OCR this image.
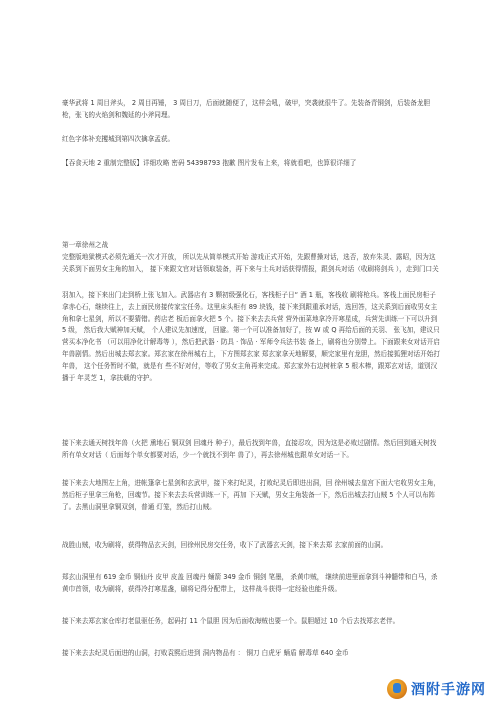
豪华武将 1 周目斧头， 2 周目再锤， 3 周目刀，后面就随便了，这样会吼，破甲，突袭就很牛了。先装备青铜剑，后装备龙胆枪，张飞的火焰剑和魏延的小斧同理。

红色字体补充攫城到第四次擒拿孟获。

【吞食天地 2 重制完整版】详细攻略 密码 54398793 抱歉 图片发布上来，将就看吧，也算很详细了

第一章徐州之战

完整版地狱模式必须先通关一次才开放， 所以先从简单模式开始 游戏正式开始，先跟曹操对话，选否，放弃朱灵、露昭，因为这关系到下面男女主角的加入， 接下来跟文官对话领取装备，再下来与士兵对话获得情报，跟剑兵对话（收刷将剑兵 ），走到门口关

羽加入，接下来出门走到桥上张飞加入。武器店有 3 颗初级强化石，客栈柜子日“ 酒 1 瓶，客栈收 刷将枪兵。客栈上面民房柜子拿赤心石，继续往上，去上面民房接传家宝任务。这里床头柜有 89 块钱，接下来到跟重承对话，选回答，这关系到后面收男女主角和拿七星剑，所以不要猜错。药店老 板后面拿火把 5 个。接下来去去兵营 营外面菜地拿冷开寒星成，兵营先训练一下可以升到 5 级， 然后我大赋神加天赋， 个人建议先加速度， 回避。第一个可以准备加好了，按 W 或 Q 再给后面的关羽、 张飞加，建议只营买本净化书 （可以用净化计解毒等 ），然后把武器 · 防具 · 饰品 · 军师令兵法书装 备上，刷将也分别带上。下面跟来女对话开启年兽剧情。然后出城去郑玄家。郑玄家在徐州城右上，下方图郑玄家 郑玄家拿天地解要，顺完家里有龙胆，然后接狐狸对话开始打年兽， 这个任务暂时不做，就是有 些不好对付，等收了男女主角再来完成。郑玄家外右边树桩拿 5 根木棒，跟郑玄对话，道别汉播于 年灵芝 1，拿扶载的守护。

接下来去通天树找年兽（火把 熏地石 铜双剑 回魂丹 种子），最后找到年兽，直接忍攻，因为这是必败过剧情。然后回到通天树找所有单女对话（ 后面每个单女都要对话，少一个就找不到年 兽了），再去徐州城也跟单女对话一下。

接下来去大地图左上角，进帐篷拿七星剑和玄武甲，接下来打纪灵，打败纪灵后即进出洞，回 徐州城去皇宫下面大宅收男女主角，然后柜子里拿三角枪，回魂节。接下来去去兵营训练一下，再加 下天赋，男女主角装备一下，然后出城去打山贼 5 个人可以布阵了。去黑山洞里拿铜双剑，普通 灯笼，然后打山贼。

战胜山贼，收为刷将，获得物品玄天剑，回徐州民房交任务，收下了武器玄天剑，接下来去郑 玄家前面的山洞。

郑玄山洞里有 619 金币 铜仙丹 皮甲 皮盖 回魂丹 蛹箭 349 金币 铜剑 笔墨， 杀黄巾贼， 继续前进里面拿到斗神髓带和白马，杀黄巾首领，收为刷将，获得冷打寒星盏，刷将记得分配带上， 这样战斗获得一定经验也能升级。

接下来去郑玄家仓库打老鼠驱任务，起码打 11 个鼠胆 因为后面收海贼也要一个。鼠胆超过 10 个后去找郑玄老伴。

接下来去去纪灵后面进的山洞，打败袁熙后进到 洞内物品有 ： 铜刀 白虎牙 蛹盾 解毒草 640 金币

酒附手游网
